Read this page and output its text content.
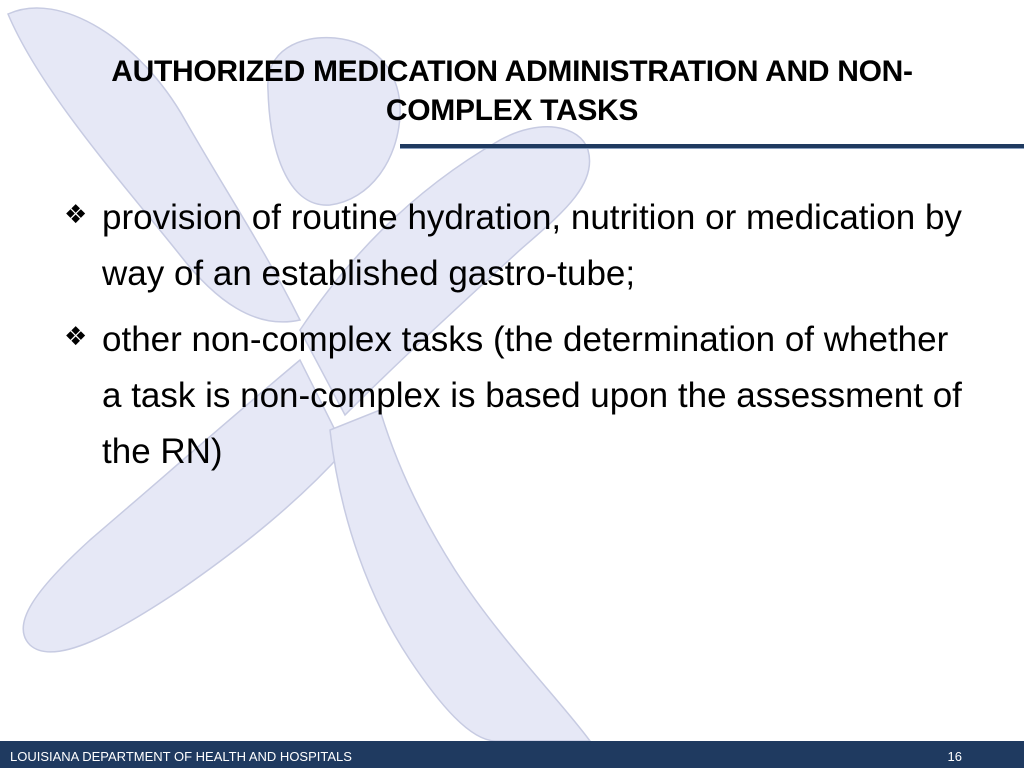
AUTHORIZED MEDICATION ADMINISTRATION AND NON-COMPLEX TASKS
❖ provision of routine hydration, nutrition or medication by way of an established gastro-tube;
❖ other non-complex tasks (the determination of whether a task is non-complex is based upon the assessment of the RN)
LOUISIANA DEPARTMENT OF HEALTH AND HOSPITALS	16
